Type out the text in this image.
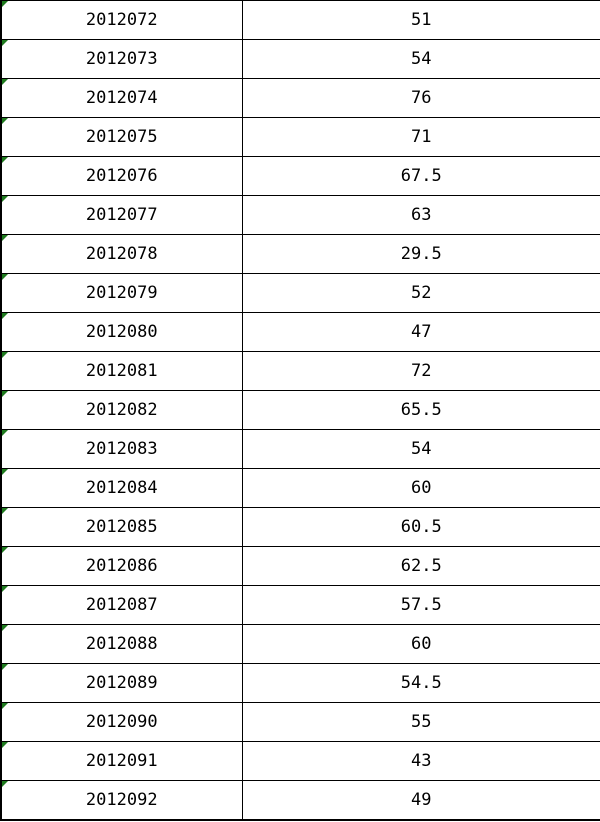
2012072	51
2012073	54
2012074	76
2012075	71
2012076	67.5
2012077	63
2012078	29.5
2012079	52
2012080	47
2012081	72
2012082	65.5
2012083	54
2012084	60
2012085	60.5
2012086	62.5
2012087	57.5
2012088	60
2012089	54.5
2012090	55
2012091	43
2012092	49
